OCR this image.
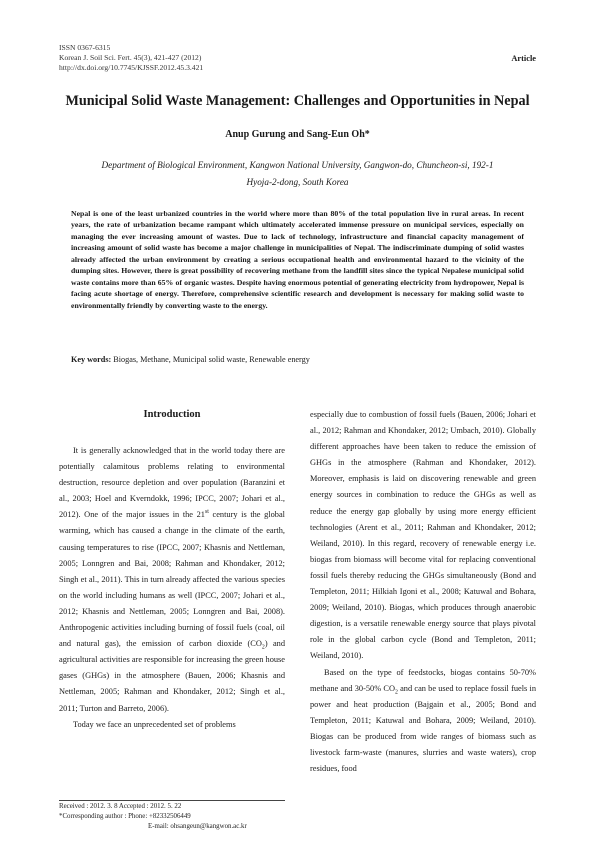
ISSN 0367-6315
Korean J. Soil Sci. Fert. 45(3), 421-427 (2012)
http://dx.doi.org/10.7745/KJSSF.2012.45.3.421
Article
Municipal Solid Waste Management: Challenges and Opportunities in Nepal
Anup Gurung and Sang-Eun Oh*
Department of Biological Environment, Kangwon National University, Gangwon-do, Chuncheon-si, 192-1
Hyoja-2-dong, South Korea

Nepal is one of the least urbanized countries in the world where more than 80% of the total population live in rural areas. In recent years, the rate of urbanization became rampant which ultimately accelerated immense pressure on municipal services, especially on managing the ever increasing amount of wastes. Due to lack of technology, infrastructure and financial capacity management of increasing amount of solid waste has become a major challenge in municipalities of Nepal. The indiscriminate dumping of solid wastes already affected the urban environment by creating a serious occupational health and environmental hazard to the vicinity of the dumping sites. However, there is great possibility of recovering methane from the landfill sites since the typical Nepalese municipal solid waste contains more than 65% of organic wastes. Despite having enormous potential of generating electricity from hydropower, Nepal is facing acute shortage of energy. Therefore, comprehensive scientific research and development is necessary for making solid waste to environmentally friendly by converting waste to the energy.

Key words: Biogas, Methane, Municipal solid waste, Renewable energy

Introduction

It is generally acknowledged that in the world today there are potentially calamitous problems relating to environmental destruction, resource depletion and over population (Baranzini et al., 2003; Hoel and Kverndokk, 1996; IPCC, 2007; Johari et al., 2012). One of the major issues in the 21st century is the global warming, which has caused a change in the climate of the earth, causing temperatures to rise (IPCC, 2007; Khasnis and Nettleman, 2005; Lonngren and Bai, 2008; Rahman and Khondaker, 2012; Singh et al., 2011). This in turn already affected the various species on the world including humans as well (IPCC, 2007; Johari et al., 2012; Khasnis and Nettleman, 2005; Lonngren and Bai, 2008). Anthropogenic activities including burning of fossil fuels (coal, oil and natural gas), the emission of carbon dioxide $(CO_2)$ and agricultural activities are responsible for increasing the green house gases (GHGs) in the atmosphere (Bauen, 2006; Khasnis and Nettleman, 2005; Rahman and Khondaker, 2012; Singh et al., 2011; Turton and Barreto, 2006).

Today we face an unprecedented set of problems

especially due to combustion of fossil fuels (Bauen, 2006; Johari et al., 2012; Rahman and Khondaker, 2012; Umbach, 2010). Globally different approaches have been taken to reduce the emission of GHGs in the atmosphere (Rahman and Khondaker, 2012). Moreover, emphasis is laid on discovering renewable and green energy sources in combination to reduce the GHGs as well as reduce the energy gap globally by using more energy efficient technologies (Arent et al., 2011; Rahman and Khondaker, 2012; Weiland, 2010). In this regard, recovery of renewable energy i.e. biogas from biomass will become vital for replacing conventional fossil fuels thereby reducing the GHGs simultaneously (Bond and Templeton, 2011; Hilkiah Igoni et al., 2008; Katuwal and Bohara, 2009; Weiland, 2010). Biogas, which produces through anaerobic digestion, is a versatile renewable energy source that plays pivotal role in the global carbon cycle (Bond and Templeton, 2011; Weiland, 2010).

Based on the type of feedstocks, biogas contains 50-70% methane and 30-50% $CO_2$ and can be used to replace fossil fuels in power and heat production (Bajgain et al., 2005; Bond and Templeton, 2011; Katuwal and Bohara, 2009; Weiland, 2010). Biogas can be produced from wide ranges of biomass such as livestock farm-waste (manures, slurries and waste waters), crop residues, food

Received : 2012. 3. 8 Accepted : 2012. 5. 22
*Corresponding author : Phone: +82332506449
E-mail: ohsangeun@kangwon.ac.kr
